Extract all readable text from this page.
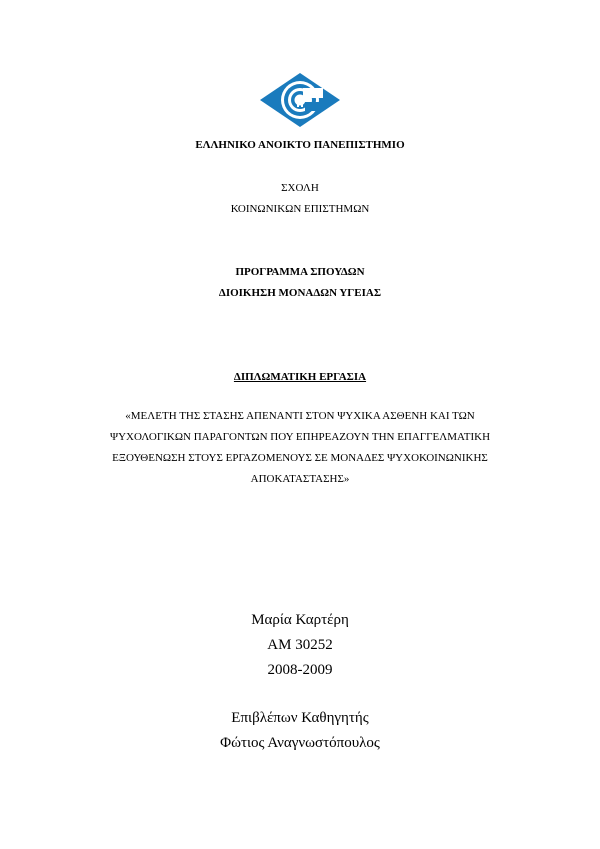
ΕΛΛΗΝΙΚΟ ΑΝΟΙΚΤΟ ΠΑΝΕΠΙΣΤΗΜΙΟ
ΣΧΟΛΗ
ΚΟΙΝΩΝΙΚΩΝ ΕΠΙΣΤΗΜΩΝ
ΠΡΟΓΡΑΜΜΑ ΣΠΟΥΔΩΝ
ΔΙΟΙΚΗΣΗ ΜΟΝΑΔΩΝ ΥΓΕΙΑΣ
ΔΙΠΛΩΜΑΤΙΚΗ ΕΡΓΑΣΙΑ
«ΜΕΛΕΤΗ ΤΗΣ ΣΤΑΣΗΣ ΑΠΕΝΑΝΤΙ ΣΤΟΝ ΨΥΧΙΚΑ ΑΣΘΕΝΗ ΚΑΙ ΤΩΝ
ΨΥΧΟΛΟΓΙΚΩΝ ΠΑΡΑΓΟΝΤΩΝ ΠΟΥ ΕΠΗΡΕΑΖΟΥΝ ΤΗΝ ΕΠΑΓΓΕΛΜΑΤΙΚΗ
ΕΞΟΥΘΕΝΩΣΗ ΣΤΟΥΣ ΕΡΓΑΖΟΜΕΝΟΥΣ ΣΕ ΜΟΝΑΔΕΣ ΨΥΧΟΚΟΙΝΩΝΙΚΗΣ
ΑΠΟΚΑΤΑΣΤΑΣΗΣ»
Μαρία Καρτέρη
ΑΜ 30252
2008-2009
Επιβλέπων Καθηγητής
Φώτιος Αναγνωστόπουλος
